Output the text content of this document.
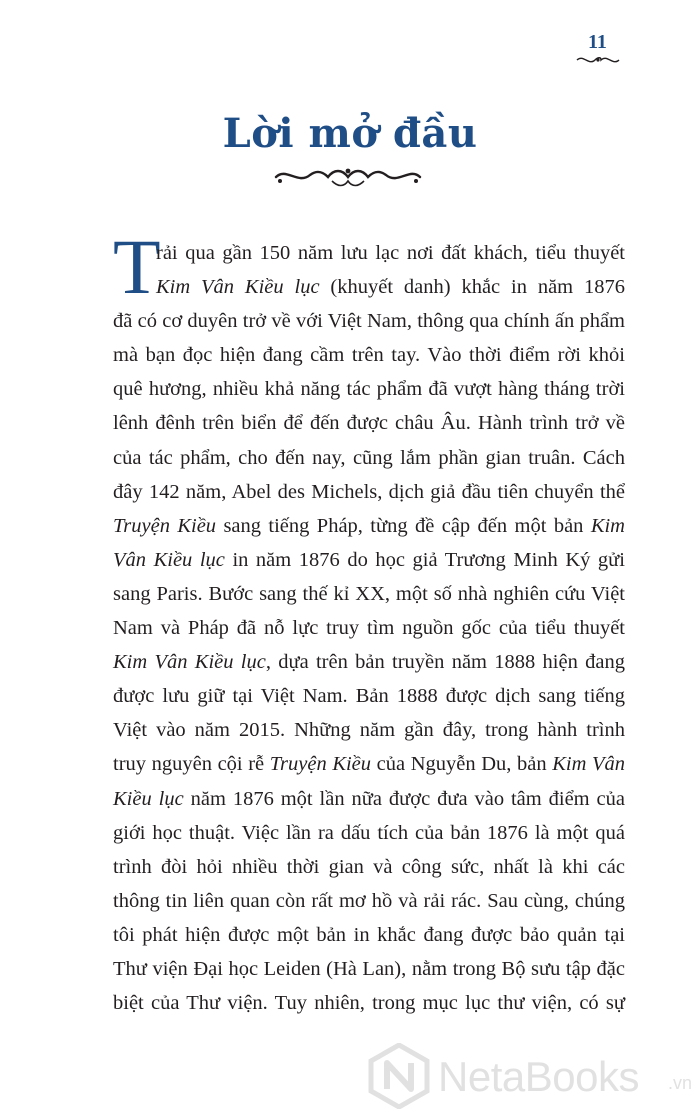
11
Lời mở đầu
T
rải qua gần 150 năm lưu lạc nơi đất khách, tiểu thuyết
Kim Vân Kiều lục (khuyết danh) khắc in năm 1876
đã có cơ duyên trở về với Việt Nam, thông qua chính ấn phẩm
mà bạn đọc hiện đang cầm trên tay. Vào thời điểm rời khỏi
quê hương, nhiều khả năng tác phẩm đã vượt hàng tháng trời
lênh đênh trên biển để đến được châu Âu. Hành trình trở về
của tác phẩm, cho đến nay, cũng lắm phần gian truân. Cách
đây 142 năm, Abel des Michels, dịch giả đầu tiên chuyển thể
Truyện Kiều sang tiếng Pháp, từng đề cập đến một bản Kim
Vân Kiều lục in năm 1876 do học giả Trương Minh Ký gửi
sang Paris. Bước sang thế kỉ XX, một số nhà nghiên cứu Việt
Nam và Pháp đã nỗ lực truy tìm nguồn gốc của tiểu thuyết
Kim Vân Kiều lục, dựa trên bản truyền năm 1888 hiện đang
được lưu giữ tại Việt Nam. Bản 1888 được dịch sang tiếng
Việt vào năm 2015. Những năm gần đây, trong hành trình
truy nguyên cội rễ Truyện Kiều của Nguyễn Du, bản Kim Vân
Kiều lục năm 1876 một lần nữa được đưa vào tâm điểm của
giới học thuật. Việc lần ra dấu tích của bản 1876 là một quá
trình đòi hỏi nhiều thời gian và công sức, nhất là khi các
thông tin liên quan còn rất mơ hồ và rải rác. Sau cùng, chúng
tôi phát hiện được một bản in khắc đang được bảo quản tại
Thư viện Đại học Leiden (Hà Lan), nằm trong Bộ sưu tập đặc
biệt của Thư viện. Tuy nhiên, trong mục lục thư viện, có sự
NetaBooks .vn
